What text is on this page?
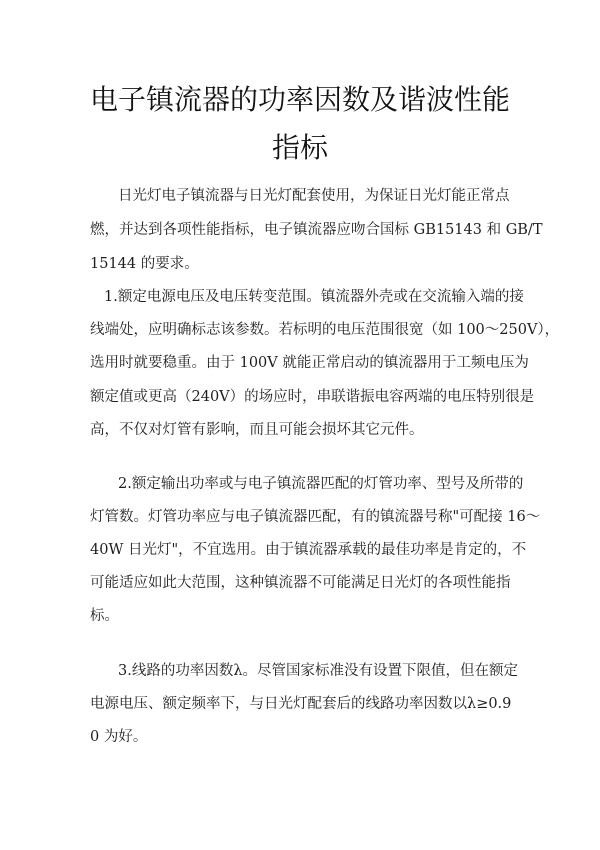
电子镇流器的功率因数及谐波性能
指标
日光灯电子镇流器与日光灯配套使用，为保证日光灯能正常点
燃，并达到各项性能指标，电子镇流器应吻合国标 GB15143 和 GB/T
15144 的要求。
1.额定电源电压及电压转变范围。镇流器外壳或在交流输入端的接
线端处，应明确标志该参数。若标明的电压范围很宽（如 100～250V），
选用时就要稳重。由于 100V 就能正常启动的镇流器用于工频电压为
额定值或更高（240V）的场应时，串联谐振电容两端的电压特别很是
高，不仅对灯管有影响，而且可能会损坏其它元件。
2.额定输出功率或与电子镇流器匹配的灯管功率、型号及所带的
灯管数。灯管功率应与电子镇流器匹配，有的镇流器号称"可配接 16～
40W 日光灯"，不宜选用。由于镇流器承载的最佳功率是肯定的，不
可能适应如此大范围，这种镇流器不可能满足日光灯的各项性能指
标。
3.线路的功率因数λ。尽管国家标准没有设置下限值，但在额定
电源电压、额定频率下，与日光灯配套后的线路功率因数以λ≥0.9
0 为好。
